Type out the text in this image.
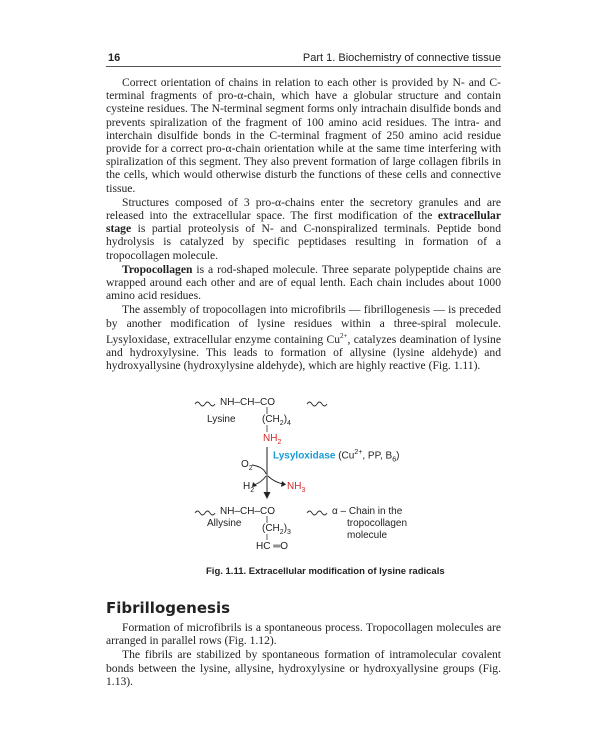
16	Part 1. Biochemistry of connective tissue

Correct orientation of chains in relation to each other is provided by N- and C-terminal fragments of pro-α-chain, which have a globular structure and contain cysteine residues. The N-terminal segment forms only intrachain disulfide bonds and prevents spiralization of the fragment of 100 amino acid residues. The intra- and interchain disulfide bonds in the C-terminal fragment of 250 amino acid residue provide for a correct pro-α-chain orientation while at the same time interfering with spiralization of this segment. They also prevent formation of large collagen fibrils in the cells, which would otherwise disturb the functions of these cells and connective tissue.

Structures composed of 3 pro-α-chains enter the secretory granules and are released into the extracellular space. The first modification of the extracellular stage is partial proteolysis of N- and C-nonspiralized terminals. Peptide bond hydrolysis is catalyzed by specific peptidases resulting in formation of a tropocollagen molecule.

Tropocollagen is a rod-shaped molecule. Three separate polypeptide chains are wrapped around each other and are of equal lenth. Each chain includes about 1000 amino acid residues.

The assembly of tropocollagen into microfibrils — fibrillogenesis — is preceded by another modification of lysine residues within a three-spiral molecule. Lysyloxidase, extracellular enzyme containing $Cu^{2+}$, catalyzes deamination of lysine and hydroxylysine. This leads to formation of allysine (lysine aldehyde) and hydroxyallysine (hydroxylysine aldehyde), which are highly reactive (Fig. 1.11).

NH–CH–CO
Lysine	$(CH_2)_4$
$NH_2$
Lysyloxidase ($Cu^{2+}$, PP, $B_6$)
$O_2$
$H_2$	$NH_3$
NH–CH–CO
Allysine $(CH_2)_3$
HC ═O
α – Chain in the
tropocollagen
molecule
Fig. 1.11. Extracellular modification of lysine radicals
Fibrillogenesis

Formation of microfibrils is a spontaneous process. Tropocollagen molecules are arranged in parallel rows (Fig. 1.12).

The fibrils are stabilized by spontaneous formation of intramolecular covalent bonds between the lysine, allysine, hydroxylysine or hydroxyallysine groups (Fig. 1.13).
